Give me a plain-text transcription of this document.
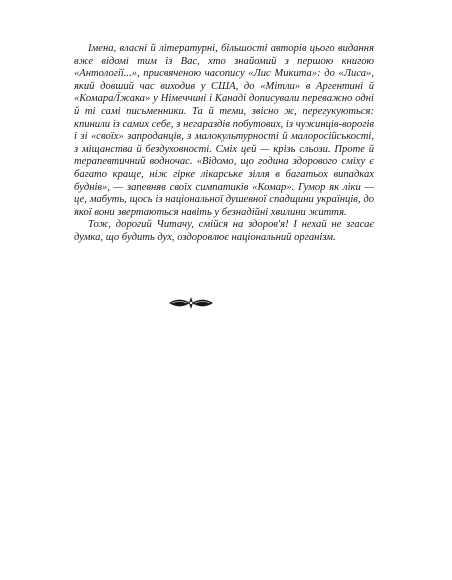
Імена, власні й літературні, більшості авторів цього видання вже відомі тим із Вас, хто знайомий з першою книгою «Антології...», присвяченою часопису «Лис Микита»: до «Лиса», який довший час виходив у США, до «Мітли» в Аргентині й «Комара/Їжака» у Німеччині і Канаді дописували переважно одні й ті самі письменники. Та й теми, звісно ж, перегукуються: кпинили із самих себе, з негараздів побутових, із чужинців-ворогів і зі «своїх» запроданців, з малокультурності й малоросійськості, з міщанства й бездуховності. Сміх цей — крізь сльози. Проте й терапевтичний водночас. «Відомо, що година здорового сміху є багато краще, ніж гіркe лікарськe зілля в багатьох випадках буднів», — запевняв своїх симпатиків «Комар». Гумор як ліки — це, мабуть, щось із національної душевної спадщини українців, до якої вони звертаються навіть у безнадійні хвилини життя.

Тож, дорогий Читачу, смійся на здоров'я! І нехай не згасає думка, що будить дух, оздоровлює національний організм.
